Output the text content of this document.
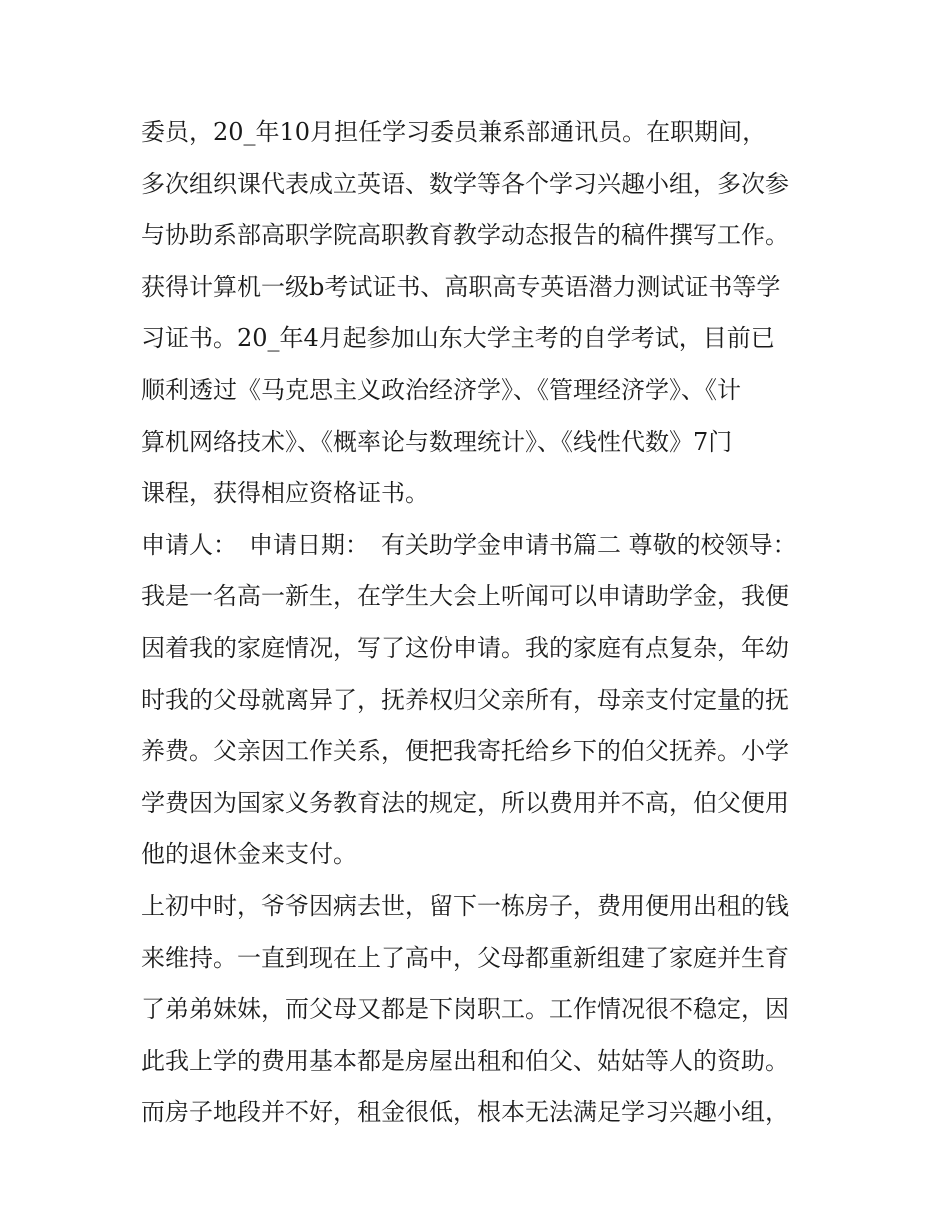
委员，20_年10月担任学习委员兼系部通讯员。在职期间，
多次组织课代表成立英语、数学等各个学习兴趣小组，多次参
与协助系部高职学院高职教育教学动态报告的稿件撰写工作。
获得计算机一级b考试证书、高职高专英语潜力测试证书等学
习证书。20_年4月起参加山东大学主考的自学考试，目前已
顺利透过《马克思主义政治经济学》、《管理经济学》、《计
算机网络技术》、《概率论与数理统计》、《线性代数》7门
课程，获得相应资格证书。
申请人：　申请日期：　有关助学金申请书篇二 尊敬的校领导：
我是一名高一新生，在学生大会上听闻可以申请助学金，我便
因着我的家庭情况，写了这份申请。我的家庭有点复杂，年幼
时我的父母就离异了，抚养权归父亲所有，母亲支付定量的抚
养费。父亲因工作关系，便把我寄托给乡下的伯父抚养。小学
学费因为国家义务教育法的规定，所以费用并不高，伯父便用
他的退休金来支付。
上初中时，爷爷因病去世，留下一栋房子，费用便用出租的钱
来维持。一直到现在上了高中，父母都重新组建了家庭并生育
了弟弟妹妹，而父母又都是下岗职工。工作情况很不稳定，因
此我上学的费用基本都是房屋出租和伯父、姑姑等人的资助。
而房子地段并不好，租金很低，根本无法满足学习兴趣小组，
